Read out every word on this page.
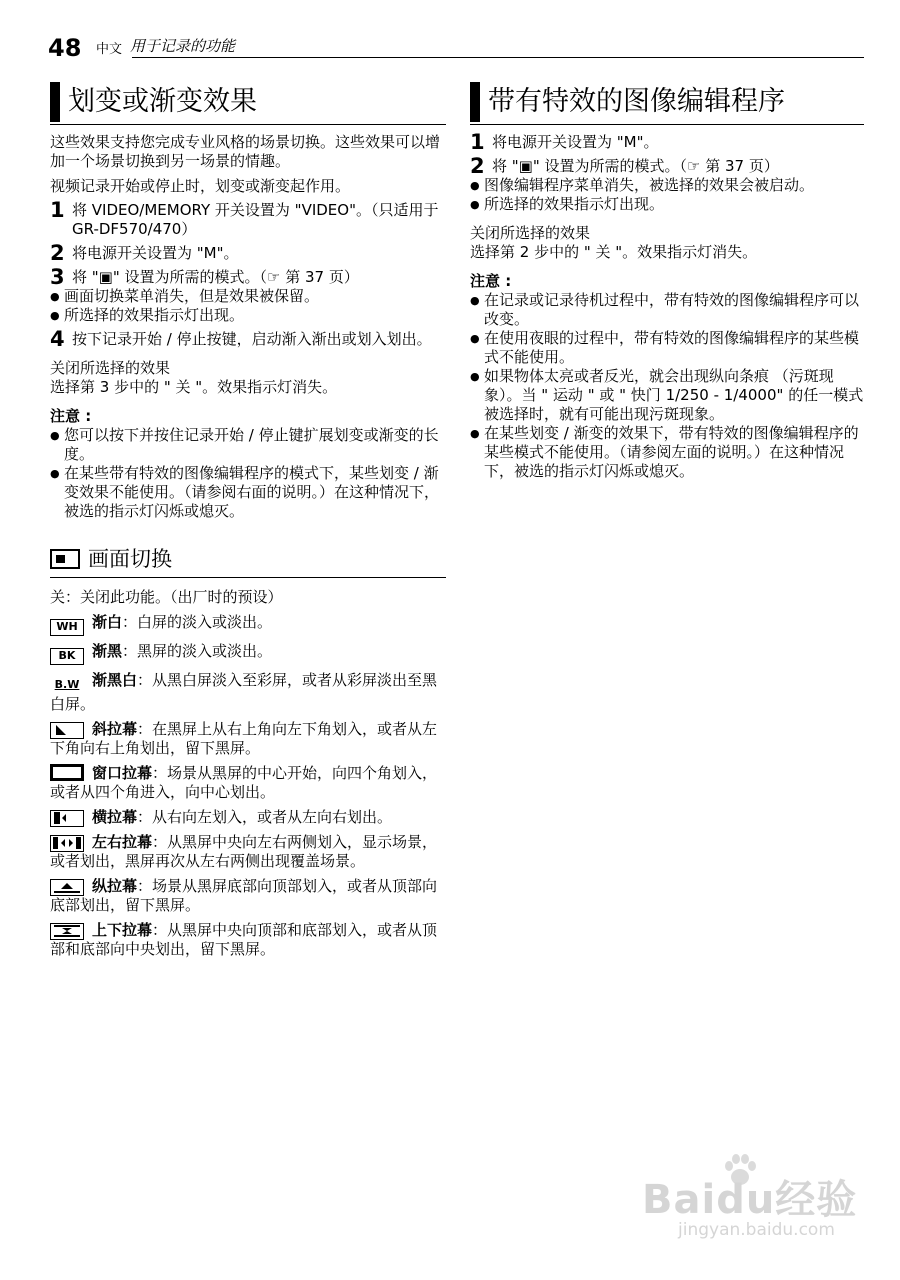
48 中文 用于记录的功能
划变或渐变效果

这些效果支持您完成专业风格的场景切换。这些效果可以增加一个场景切换到另一场景的情趣。

视频记录开始或停止时，划变或渐变起作用。

1 将 VIDEO/MEMORY 开关设置为 "VIDEO"。（只适用于 GR-DF570/470）
2 将电源开关设置为 "M"。
3 将 "▣" 设置为所需的模式。（☞ 第 37 页）
● 画面切换菜单消失，但是效果被保留。
● 所选择的效果指示灯出现。
4 按下记录开始 / 停止按键，启动渐入渐出或划入划出。
关闭所选择的效果

选择第 3 步中的 " 关 "。效果指示灯消失。

注意 :
● 您可以按下并按住记录开始 / 停止键扩展划变或渐变的长度。
● 在某些带有特效的图像编辑程序的模式下，某些划变 / 渐变效果不能使用。（请参阅右面的说明。）在这种情况下，被选的指示灯闪烁或熄灭。
画面切换

关：关闭此功能。（出厂时的预设）

WH 渐白：白屏的淡入或淡出。
BK 渐黑：黑屏的淡入或淡出。
B.W 渐黑白：从黑白屏淡入至彩屏，或者从彩屏淡出至黑白屏。
斜拉幕：在黑屏上从右上角向左下角划入，或者从左下角向右上角划出，留下黑屏。
窗口拉幕：场景从黑屏的中心开始，向四个角划入，或者从四个角进入，向中心划出。
横拉幕：从右向左划入，或者从左向右划出。
左右拉幕：从黑屏中央向左右两侧划入，显示场景，或者划出，黑屏再次从左右两侧出现覆盖场景。
纵拉幕：场景从黑屏底部向顶部划入，或者从顶部向底部划出，留下黑屏。
上下拉幕：从黑屏中央向顶部和底部划入，或者从顶部和底部向中央划出，留下黑屏。
带有特效的图像编辑程序
1 将电源开关设置为 "M"。
2 将 "▣" 设置为所需的模式。（☞ 第 37 页）
● 图像编辑程序菜单消失，被选择的效果会被启动。
● 所选择的效果指示灯出现。
关闭所选择的效果

选择第 2 步中的 " 关 "。效果指示灯消失。

注意 :
● 在记录或记录待机过程中，带有特效的图像编辑程序可以改变。
● 在使用夜眼的过程中，带有特效的图像编辑程序的某些模式不能使用。
● 如果物体太亮或者反光，就会出现纵向条痕 （污斑现象）。当 " 运动 " 或 " 快门 1/250 - 1/4000" 的任一模式被选择时，就有可能出现污斑现象。
● 在某些划变 / 渐变的效果下，带有特效的图像编辑程序的某些模式不能使用。（请参阅左面的说明。）在这种情况下，被选的指示灯闪烁或熄灭。
Baidu经验
jingyan.baidu.com
